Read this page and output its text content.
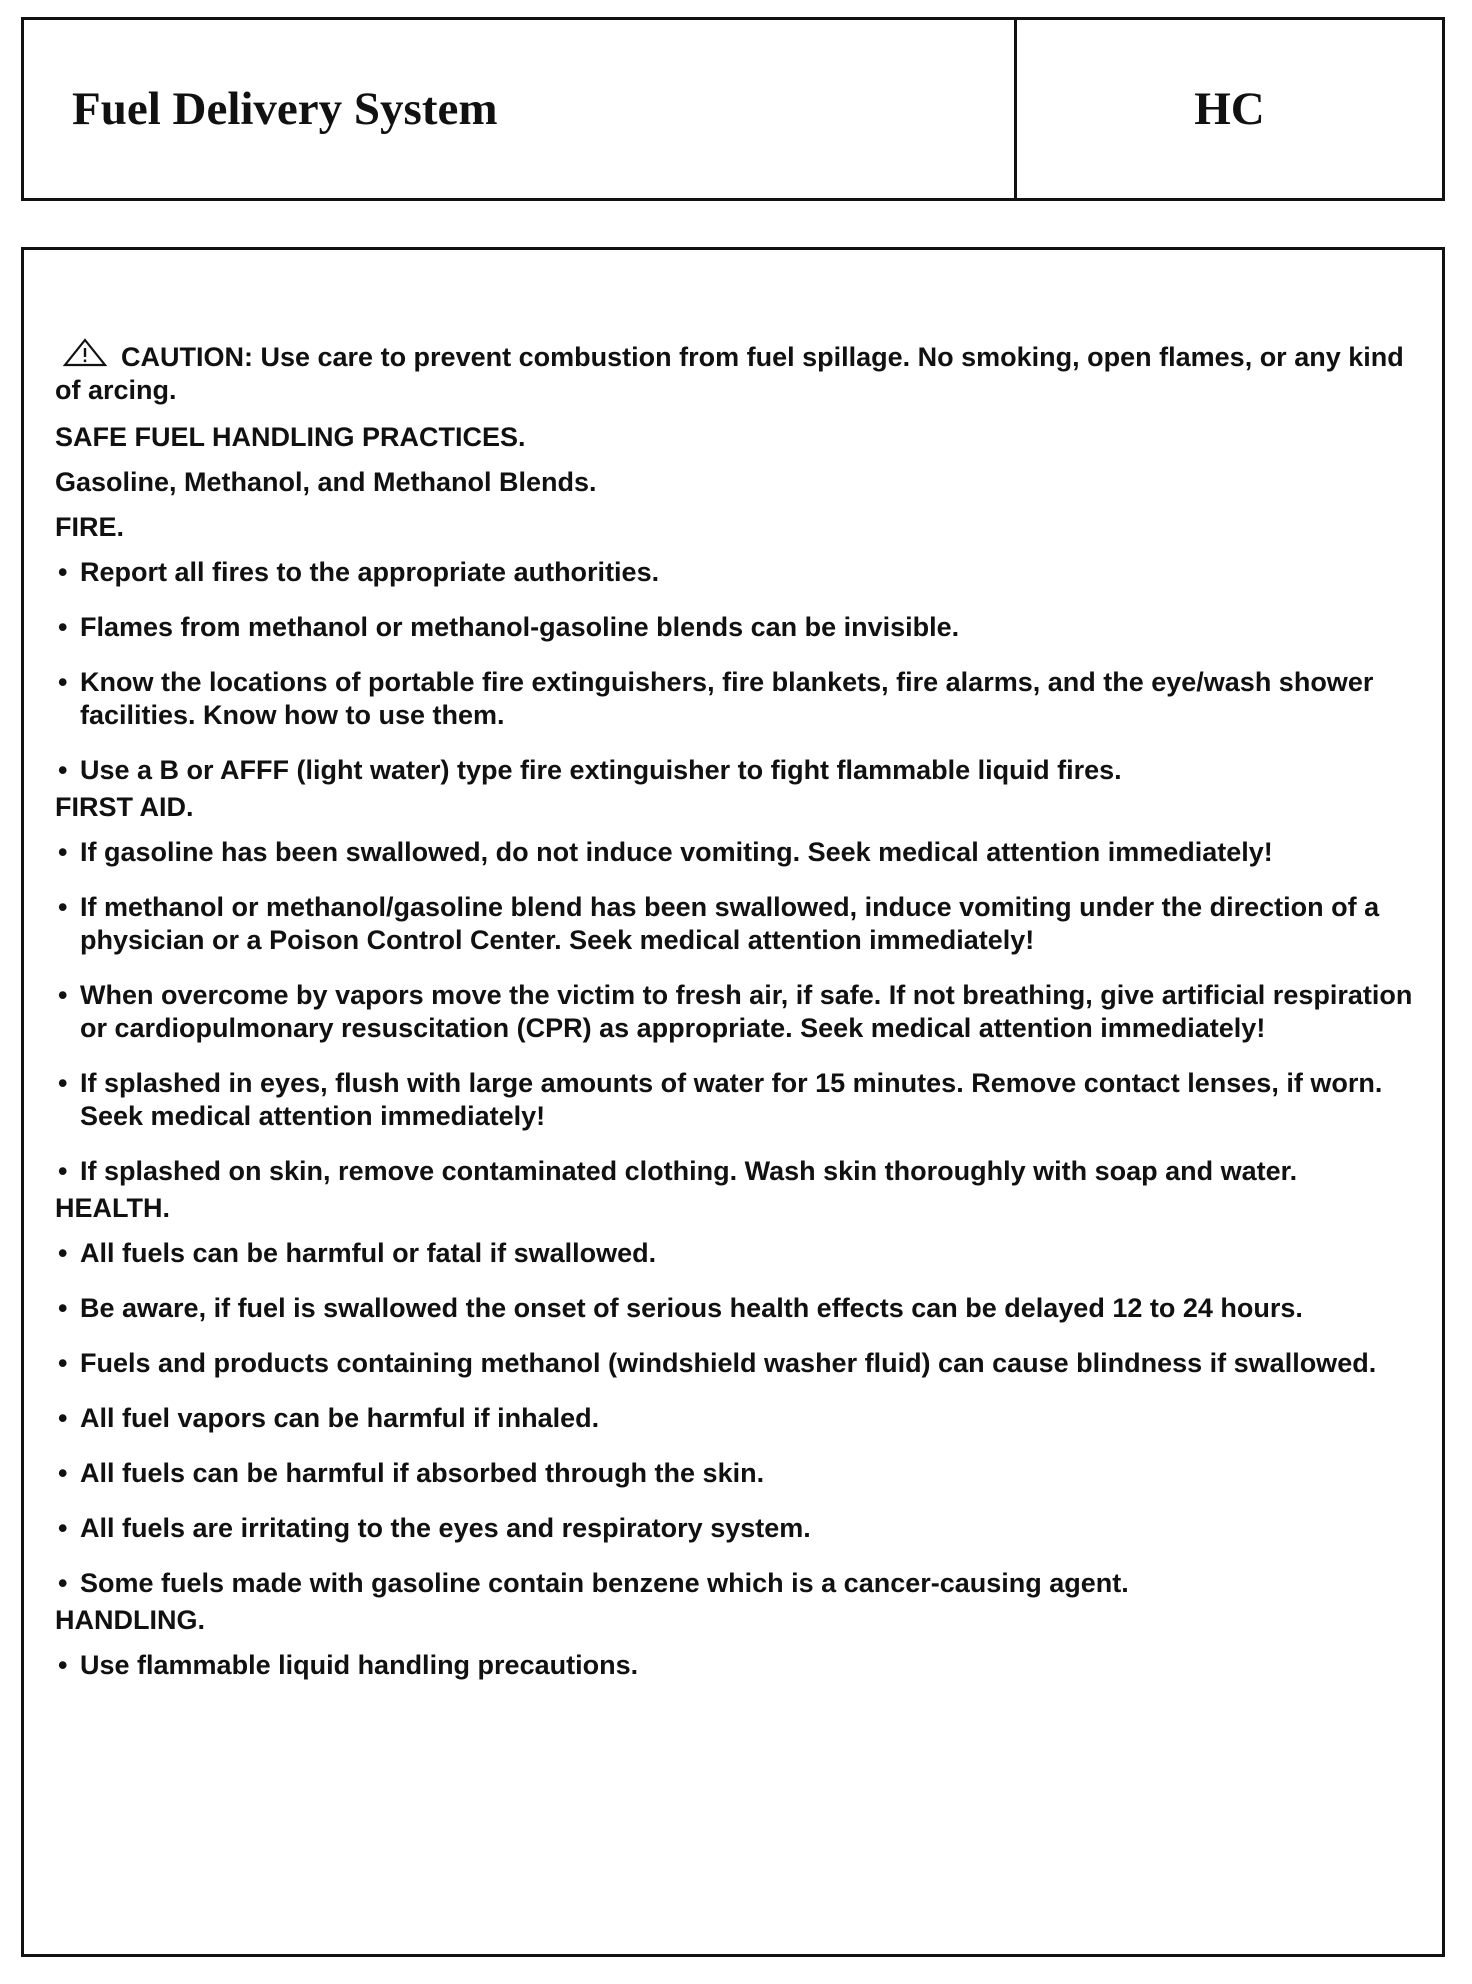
Fuel Delivery System	HC
CAUTION: Use care to prevent combustion from fuel spillage. No smoking, open flames, or any kind of arcing.
SAFE FUEL HANDLING PRACTICES.
Gasoline, Methanol, and Methanol Blends.
FIRE.
• Report all fires to the appropriate authorities.
• Flames from methanol or methanol-gasoline blends can be invisible.
• Know the locations of portable fire extinguishers, fire blankets, fire alarms, and the eye/wash shower facilities. Know how to use them.
• Use a B or AFFF (light water) type fire extinguisher to fight flammable liquid fires.
FIRST AID.
• If gasoline has been swallowed, do not induce vomiting. Seek medical attention immediately!
• If methanol or methanol/gasoline blend has been swallowed, induce vomiting under the direction of a physician or a Poison Control Center. Seek medical attention immediately!
• When overcome by vapors move the victim to fresh air, if safe. If not breathing, give artificial respiration or cardiopulmonary resuscitation (CPR) as appropriate. Seek medical attention immediately!
• If splashed in eyes, flush with large amounts of water for 15 minutes. Remove contact lenses, if worn. Seek medical attention immediately!
• If splashed on skin, remove contaminated clothing. Wash skin thoroughly with soap and water.
HEALTH.
• All fuels can be harmful or fatal if swallowed.
• Be aware, if fuel is swallowed the onset of serious health effects can be delayed 12 to 24 hours.
• Fuels and products containing methanol (windshield washer fluid) can cause blindness if swallowed.
• All fuel vapors can be harmful if inhaled.
• All fuels can be harmful if absorbed through the skin.
• All fuels are irritating to the eyes and respiratory system.
• Some fuels made with gasoline contain benzene which is a cancer-causing agent.
HANDLING.
• Use flammable liquid handling precautions.
